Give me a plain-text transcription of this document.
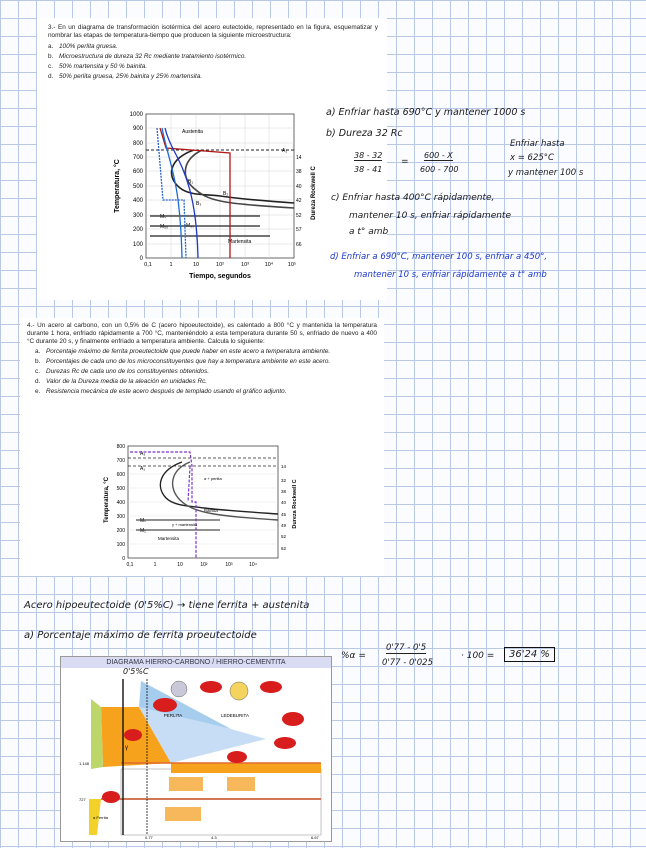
3.- En un diagrama de transformación isotérmica del acero eutectoide, representado en la figura, esquematizar y nombrar las etapas de temperatura-tiempo que producen la siguiente microestructura:

a. 100% perlita gruesa.
b. Microestructura de dureza 32 Rc mediante tratamiento isotérmico.
c. 50% martensita y 50 % bainita.
d. 50% perlita gruesa, 25% bainita y 25% martensita.
1000
900
800
700
600
500
400
300
200
100
0
0,1	1	10	10²	10³	10⁴	10⁵
Tiempo, segundos
Temperatura, °C	Dureza Rockwell C
14
38
40
42
52
57
66
Austenita
A₁
B₁
B₂
B₃
Mₛ
M₅₀	M₉₀
Martensita
a) Enfriar hasta 690°C y mantener 1000 s
b) Dureza 32 Rc
38 - 32
38 - 41
=
600 - X
600 - 700
Enfriar hasta
x = 625°C
y mantener 100 s
c) Enfriar hasta 400°C rápidamente,
mantener 10 s, enfriar rápidamente
a t° amb
d) Enfriar a 690°C, mantener 100 s, enfriar a 450°,
mantener 10 s, enfriar rápidamente a t° amb

4.- Un acero al carbono, con un 0,5% de C (acero hipoeutectoide), es calentado a 800 °C y mantenida la temperatura durante 1 hora, enfriado rápidamente a 700 °C, manteniéndolo a esta temperatura durante 50 s, enfriado de nuevo a 400 °C durante 20 s, y finalmente enfriado a temperatura ambiente. Calcula lo siguiente:

a. Porcentaje máximo de ferrita proeutectoide que puede haber en este acero a temperatura ambiente.
b. Porcentajes de cada uno de los microconstituyentes que hay a temperatura ambiente en este acero.
c. Durezas Rc de cada uno de los constituyentes obtenidos.
d. Valor de la Dureza media de la aleación en unidades Rc.
e. Resistencia mecánica de este acero después de templado usando el gráfico adjunto.
800
700
600
500
400
300
200
100
0
0,1	1	10	10²	10³	10⁴
Temperatura, °C	Dureza Rockwell C
14
32
38
40
45
49
52
62
A₃
A₁
α + perlita
Bainita
Mₛ
M₁
γ + martensita
Martensita
Acero hipoeutectoide (0'5%C) → tiene ferrita + austenita
a) Porcentaje máximo de ferrita proeutectoide
%α =
0'77 - 0'5
0'77 - 0'025
· 100 =	36'24 %
DIAGRAMA HIERRO-CARBONO / HIERRO-CEMENTITA
PERLITA	LEDEBURITA
α Ferrita
γ
1.148
727
0.77	4.3	6.67
0'5%C
